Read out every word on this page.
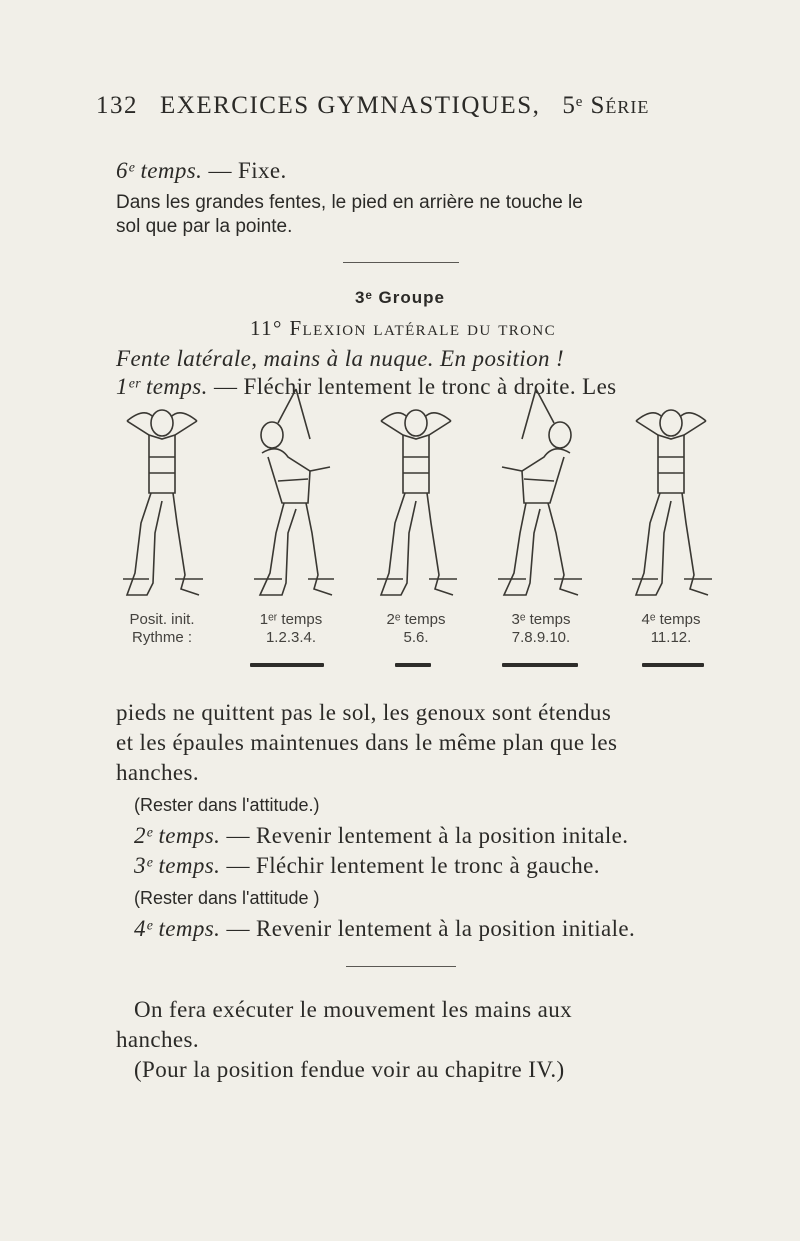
132 EXERCICES GYMNASTIQUES, 5ᵉ Série
6ᵉ temps. — Fixe.
Dans les grandes fentes, le pied en arrière ne touche le
sol que par la pointe.
3ᵉ Groupe
11° Flexion latérale du tronc
Fente latérale, mains à la nuque. En position !
1ᵉʳ temps. — Fléchir lentement le tronc à droite. Les
Posit. init.
Rythme :
1ᵉʳ temps
1.2.3.4.
2ᵉ temps
5.6.
3ᵉ temps
7.8.9.10.
4ᵉ temps
11.12.
pieds ne quittent pas le sol, les genoux sont étendus
et les épaules maintenues dans le même plan que les
hanches.
(Rester dans l'attitude.)
2ᵉ temps. — Revenir lentement à la position initale.
3ᵉ temps. — Fléchir lentement le tronc à gauche.
(Rester dans l'attitude )
4ᵉ temps. — Revenir lentement à la position initiale.
On fera exécuter le mouvement les mains aux
hanches.
(Pour la position fendue voir au chapitre IV.)
